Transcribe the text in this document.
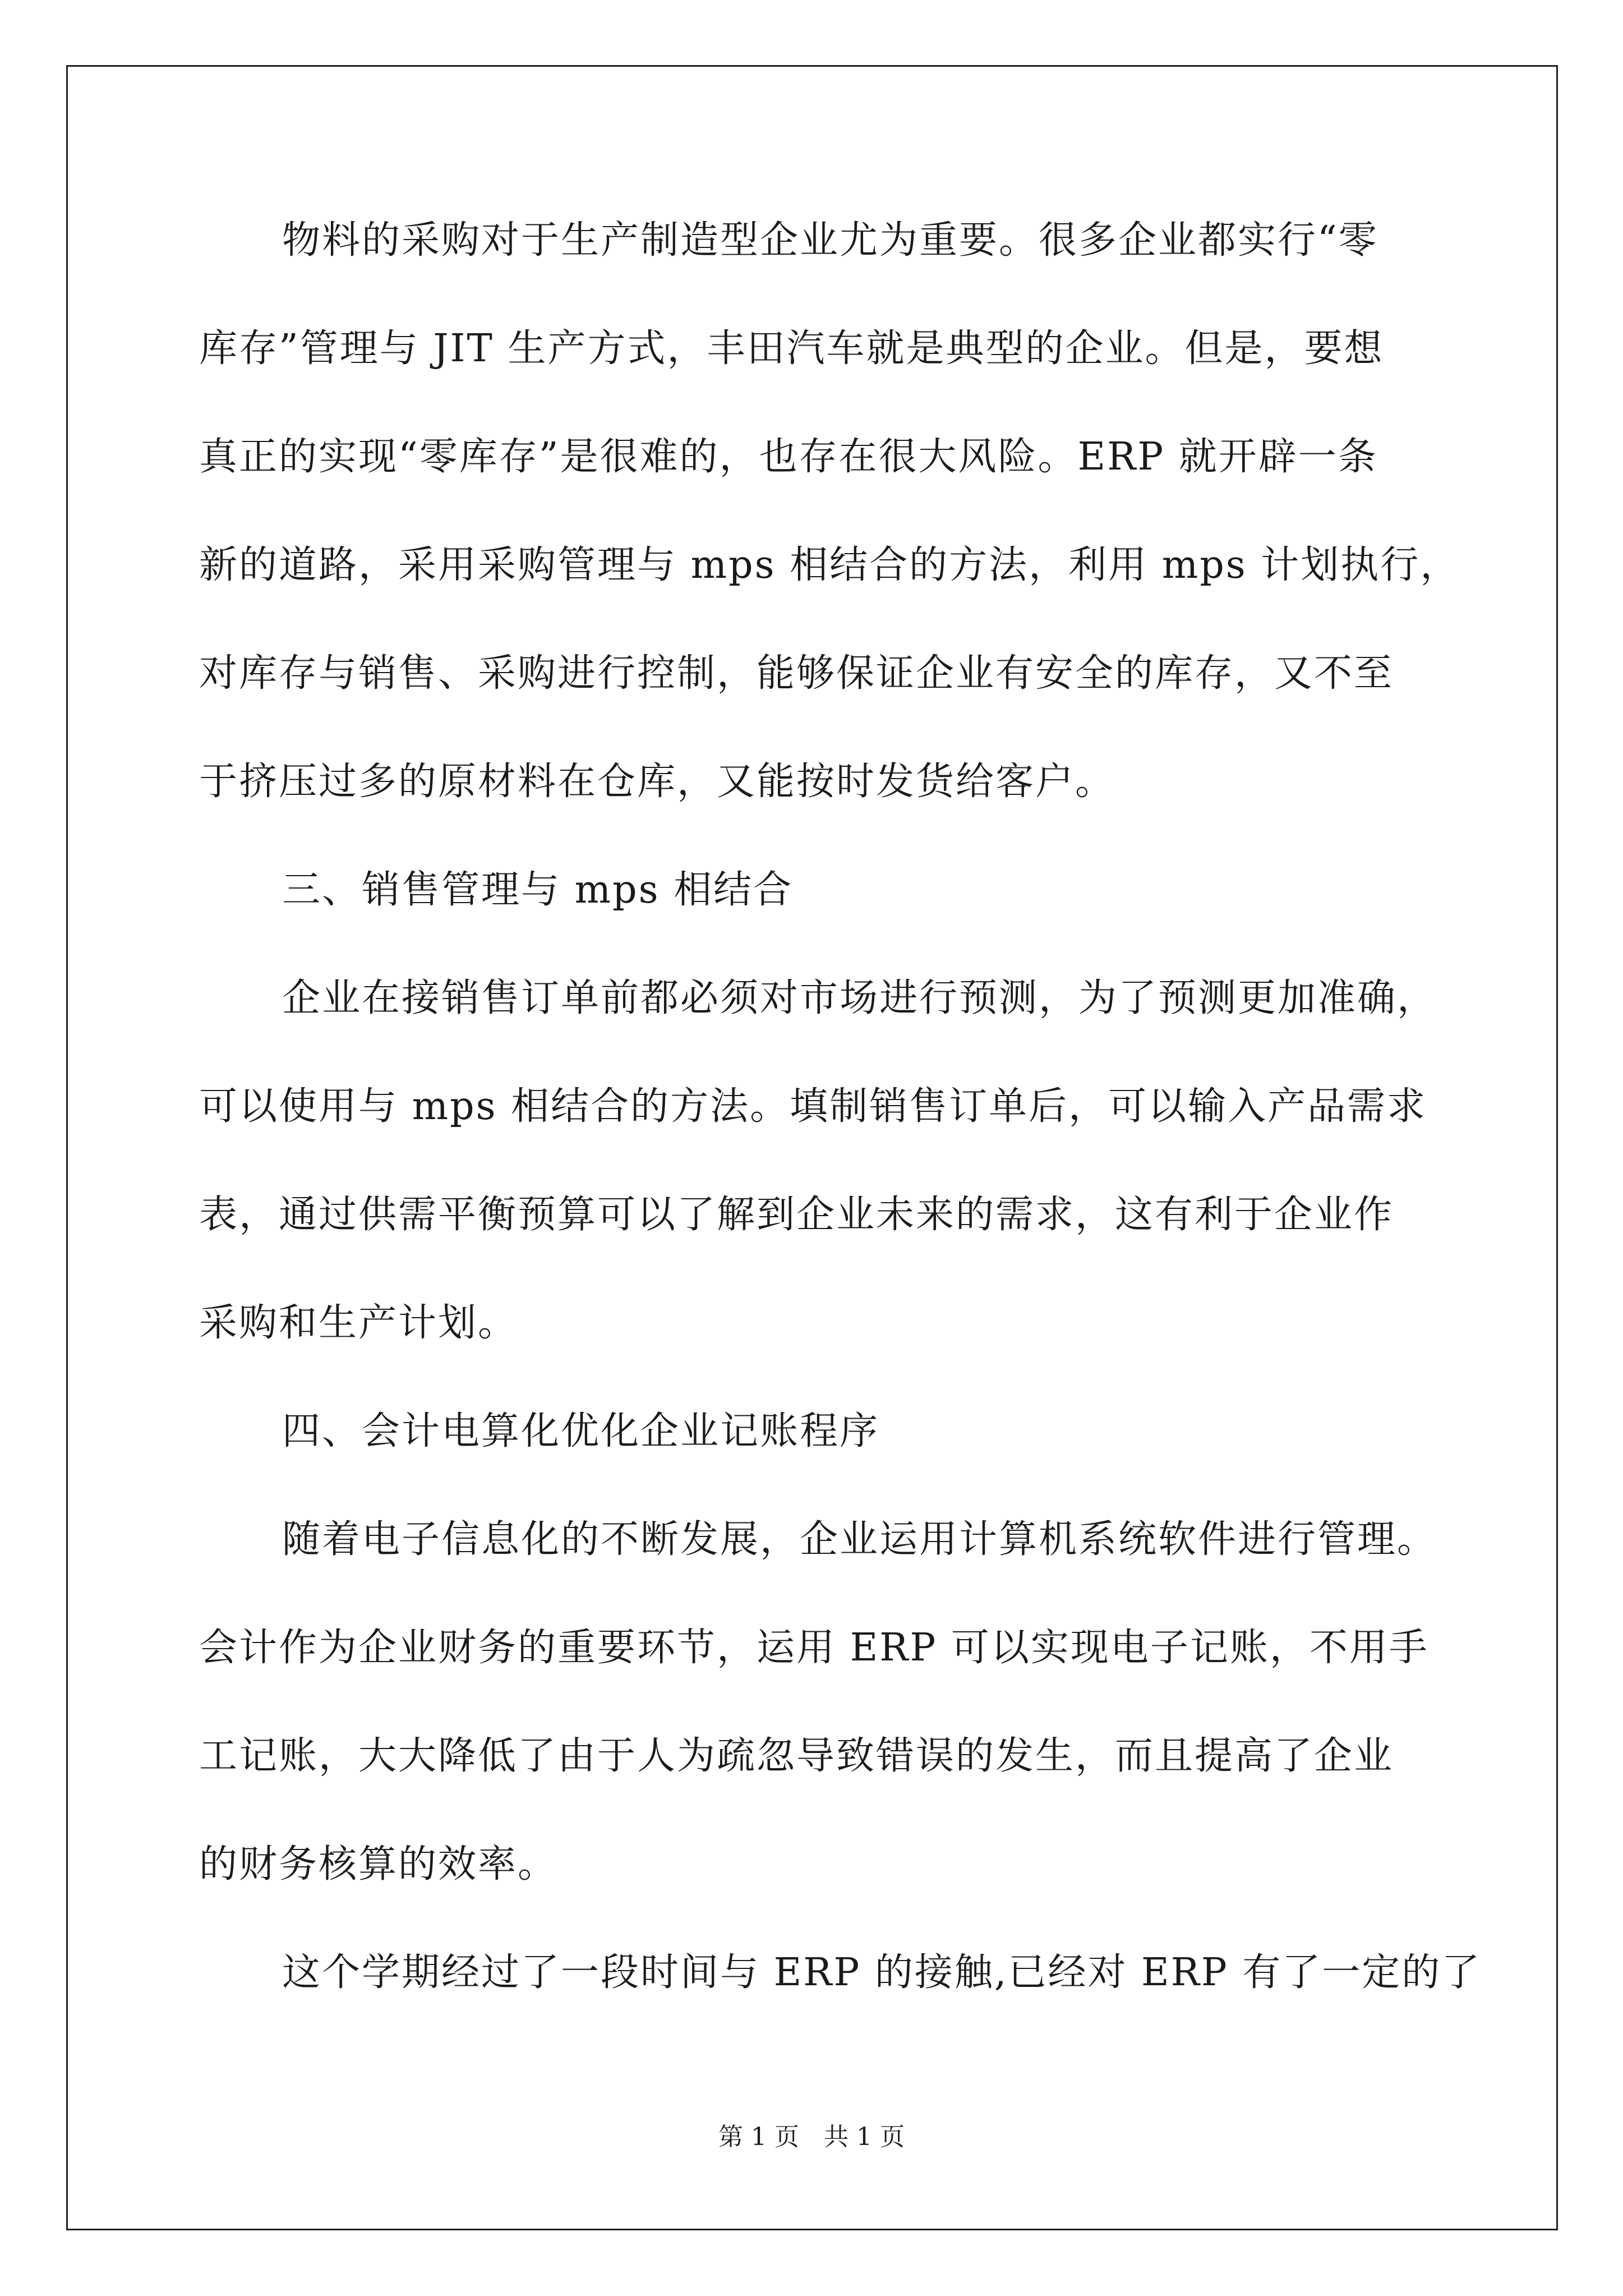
物料的采购对于生产制造型企业尤为重要。很多企业都实行“零
库存”管理与 JIT 生产方式，丰田汽车就是典型的企业。但是，要想
真正的实现“零库存”是很难的，也存在很大风险。ERP 就开辟一条
新的道路，采用采购管理与 mps 相结合的方法，利用 mps 计划执行，
对库存与销售、采购进行控制，能够保证企业有安全的库存，又不至
于挤压过多的原材料在仓库，又能按时发货给客户。
三、销售管理与 mps 相结合
企业在接销售订单前都必须对市场进行预测，为了预测更加准确，
可以使用与 mps 相结合的方法。填制销售订单后，可以输入产品需求
表，通过供需平衡预算可以了解到企业未来的需求，这有利于企业作
采购和生产计划。
四、会计电算化优化企业记账程序
随着电子信息化的不断发展，企业运用计算机系统软件进行管理。
会计作为企业财务的重要环节，运用 ERP 可以实现电子记账，不用手
工记账，大大降低了由于人为疏忽导致错误的发生，而且提高了企业
的财务核算的效率。
这个学期经过了一段时间与 ERP 的接触,已经对 ERP 有了一定的了
第 1 页　共 1 页
